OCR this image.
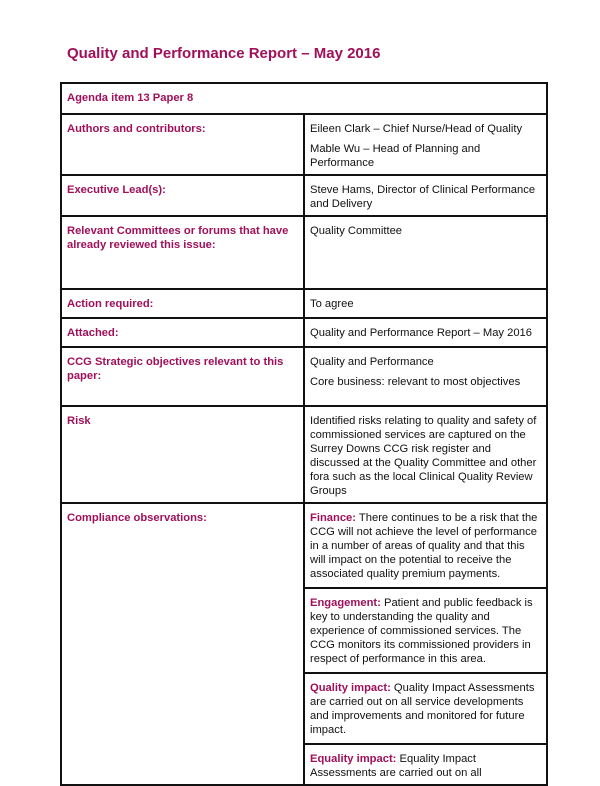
Quality and Performance Report – May 2016
Agenda item 13 Paper 8	
Authors and contributors:	Eileen Clark – Chief Nurse/Head of Quality
Mable Wu – Head of Planning and Performance

Executive Lead(s):	Steve Hams, Director of Clinical Performance and Delivery
Relevant Committees or forums that have already reviewed this issue:	Quality Committee
Action required:	To agree
Attached:	Quality and Performance Report – May 2016
CCG Strategic objectives relevant to this paper:	Quality and Performance
Core business: relevant to most objectives

Risk	Identified risks relating to quality and safety of commissioned services are captured on the Surrey Downs CCG risk register and discussed at the Quality Committee and other fora such as the local Clinical Quality Review Groups
Compliance observations:	Finance: There continues to be a risk that the CCG will not achieve the level of performance in a number of areas of quality and that this will impact on the potential to receive the associated quality premium payments.
Engagement: Patient and public feedback is key to understanding the quality and experience of commissioned services. The CCG monitors its commissioned providers in respect of performance in this area.
Quality impact: Quality Impact Assessments are carried out on all service developments and improvements and monitored for future impact.
Equality impact: Equality Impact Assessments are carried out on all
